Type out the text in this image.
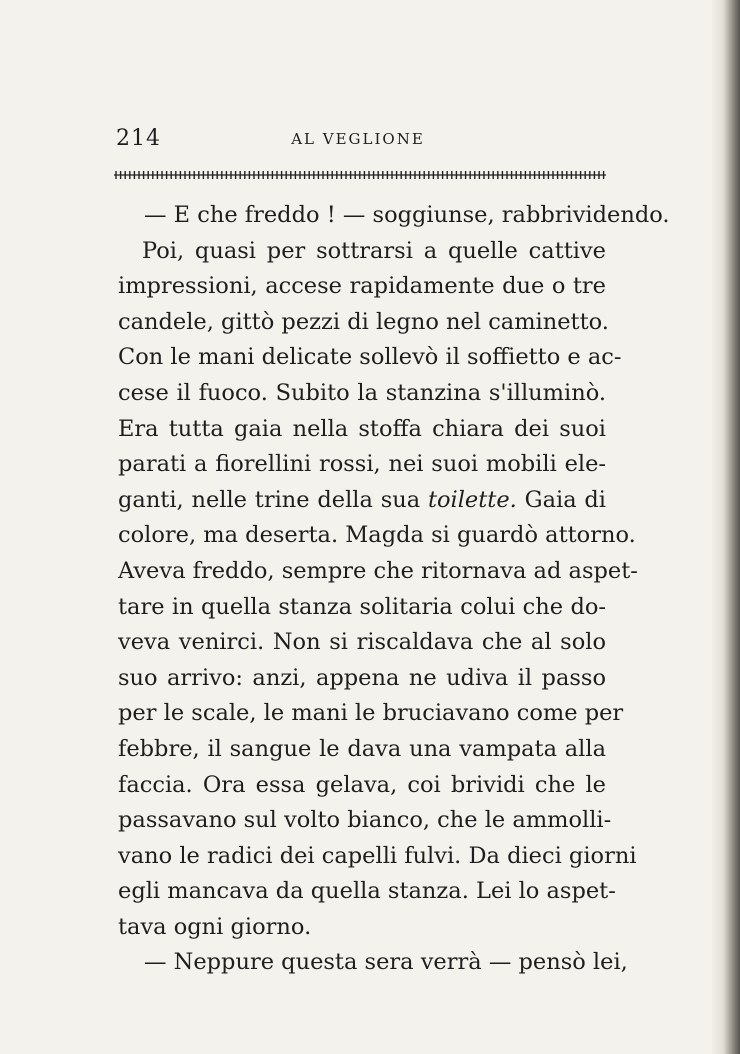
214	AL VEGLIONE
— E che freddo ! — soggiunse, rabbrividendo.
Poi, quasi per sottrarsi a quelle cattive
impressioni, accese rapidamente due o tre
candele, gittò pezzi di legno nel caminetto.
Con le mani delicate sollevò il soffietto e ac-
cese il fuoco. Subito la stanzina s'illuminò.
Era tutta gaia nella stoffa chiara dei suoi
parati a fiorellini rossi, nei suoi mobili ele-
ganti, nelle trine della sua toilette. Gaia di
colore, ma deserta. Magda si guardò attorno.
Aveva freddo, sempre che ritornava ad aspet-
tare in quella stanza solitaria colui che do-
veva venirci. Non si riscaldava che al solo
suo arrivo: anzi, appena ne udiva il passo
per le scale, le mani le bruciavano come per
febbre, il sangue le dava una vampata alla
faccia. Ora essa gelava, coi brividi che le
passavano sul volto bianco, che le ammolli-
vano le radici dei capelli fulvi. Da dieci giorni
egli mancava da quella stanza. Lei lo aspet-
tava ogni giorno.
— Neppure questa sera verrà — pensò lei,
